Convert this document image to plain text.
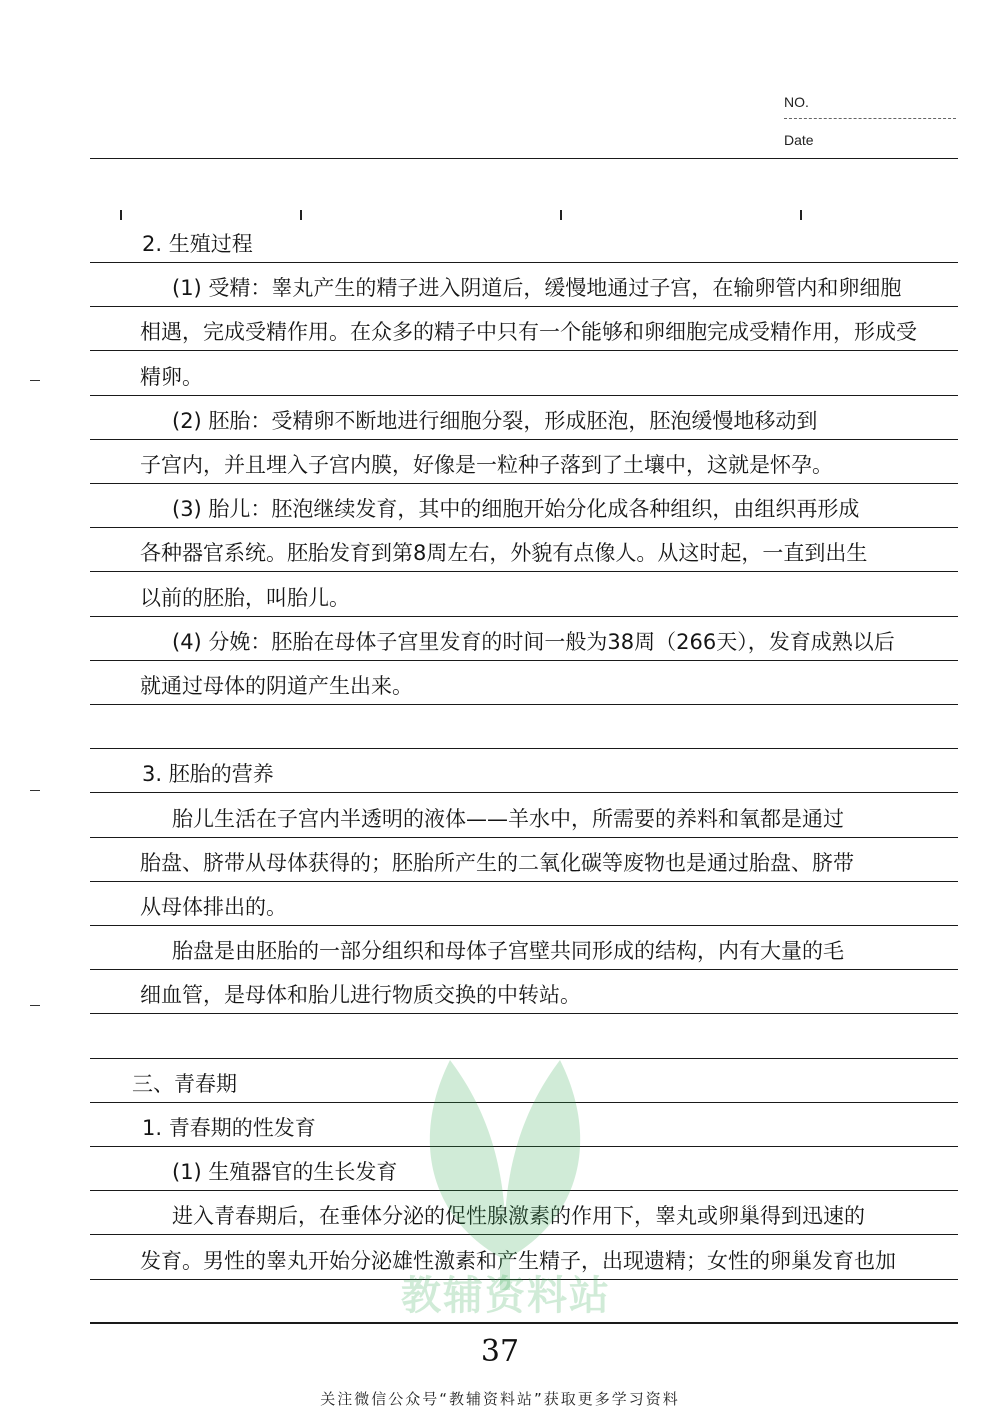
NO.
Date
2. 生殖过程
(1) 受精：睾丸产生的精子进入阴道后，缓慢地通过子宫，在输卵管内和卵细胞
相遇，完成受精作用。在众多的精子中只有一个能够和卵细胞完成受精作用，形成受
精卵。
(2) 胚胎：受精卵不断地进行细胞分裂，形成胚泡，胚泡缓慢地移动到
子宫内，并且埋入子宫内膜，好像是一粒种子落到了土壤中，这就是怀孕。
(3) 胎儿：胚泡继续发育，其中的细胞开始分化成各种组织，由组织再形成
各种器官系统。胚胎发育到第8周左右，外貌有点像人。从这时起，一直到出生
以前的胚胎，叫胎儿。
(4) 分娩：胚胎在母体子宫里发育的时间一般为38周（266天），发育成熟以后
就通过母体的阴道产生出来。
3. 胚胎的营养
胎儿生活在子宫内半透明的液体——羊水中，所需要的养料和氧都是通过
胎盘、脐带从母体获得的；胚胎所产生的二氧化碳等废物也是通过胎盘、脐带
从母体排出的。
胎盘是由胚胎的一部分组织和母体子宫壁共同形成的结构，内有大量的毛
细血管，是母体和胎儿进行物质交换的中转站。
三、青春期
1. 青春期的性发育
(1) 生殖器官的生长发育
进入青春期后，在垂体分泌的促性腺激素的作用下，睾丸或卵巢得到迅速的
发育。男性的睾丸开始分泌雄性激素和产生精子，出现遗精；女性的卵巢发育也加
教辅资料站
37
关注微信公众号“教辅资料站”获取更多学习资料
